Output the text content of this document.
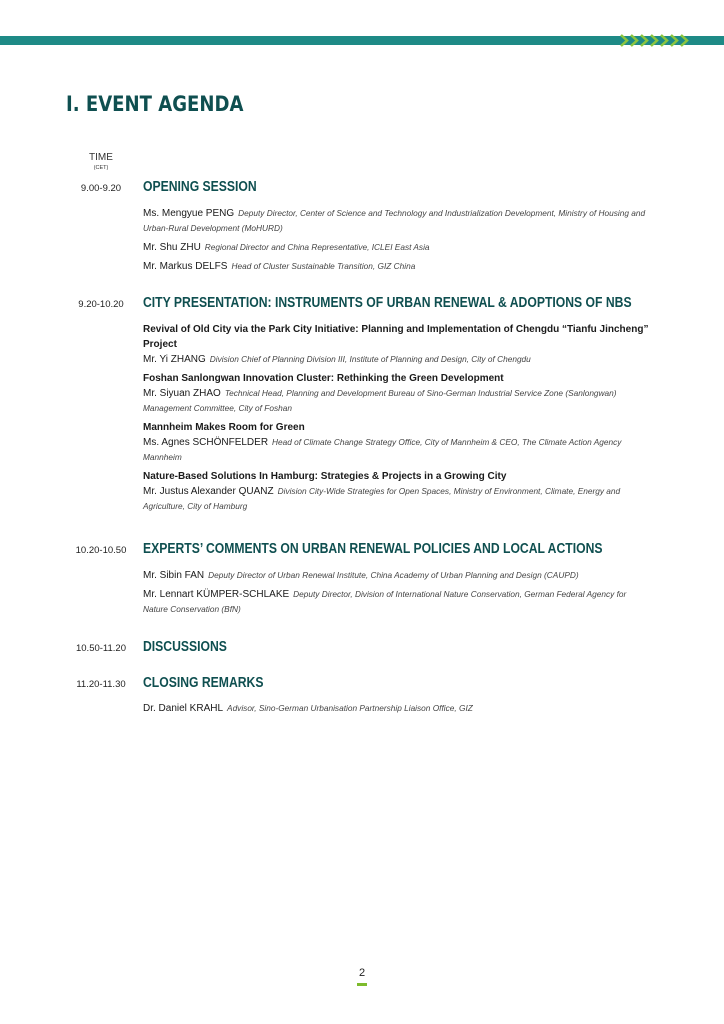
I. EVENT AGENDA
TIME
(CET)
9.00-9.20	OPENING SESSION
Ms. Mengyue PENG Deputy Director, Center of Science and Technology and Industrialization Development, Ministry of Housing and Urban-Rural Development (MoHURD)
Mr. Shu ZHU Regional Director and China Representative, ICLEI East Asia
Mr. Markus DELFS Head of Cluster Sustainable Transition, GIZ China
9.20-10.20	CITY PRESENTATION: INSTRUMENTS OF URBAN RENEWAL & ADOPTIONS OF NBS
Revival of Old City via the Park City Initiative: Planning and Implementation of Chengdu “Tianfu Jincheng” Project
Mr. Yi ZHANG Division Chief of Planning Division III, Institute of Planning and Design, City of Chengdu
Foshan Sanlongwan Innovation Cluster: Rethinking the Green Development
Mr. Siyuan ZHAO Technical Head, Planning and Development Bureau of Sino-German Industrial Service Zone (Sanlongwan) Management Committee, City of Foshan
Mannheim Makes Room for Green
Ms. Agnes SCHÖNFELDER Head of Climate Change Strategy Office, City of Mannheim & CEO, The Climate Action Agency Mannheim
Nature-Based Solutions In Hamburg: Strategies & Projects in a Growing City
Mr. Justus Alexander QUANZ Division City-Wide Strategies for Open Spaces, Ministry of Environment, Climate, Energy and Agriculture, City of Hamburg
10.20-10.50	EXPERTS’ COMMENTS ON URBAN RENEWAL POLICIES AND LOCAL ACTIONS
Mr. Sibin FAN Deputy Director of Urban Renewal Institute, China Academy of Urban Planning and Design (CAUPD)
Mr. Lennart KÜMPER-SCHLAKE Deputy Director, Division of International Nature Conservation, German Federal Agency for Nature Conservation (BfN)
10.50-11.20	DISCUSSIONS
11.20-11.30	CLOSING REMARKS
Dr. Daniel KRAHL Advisor, Sino-German Urbanisation Partnership Liaison Office, GIZ
2
